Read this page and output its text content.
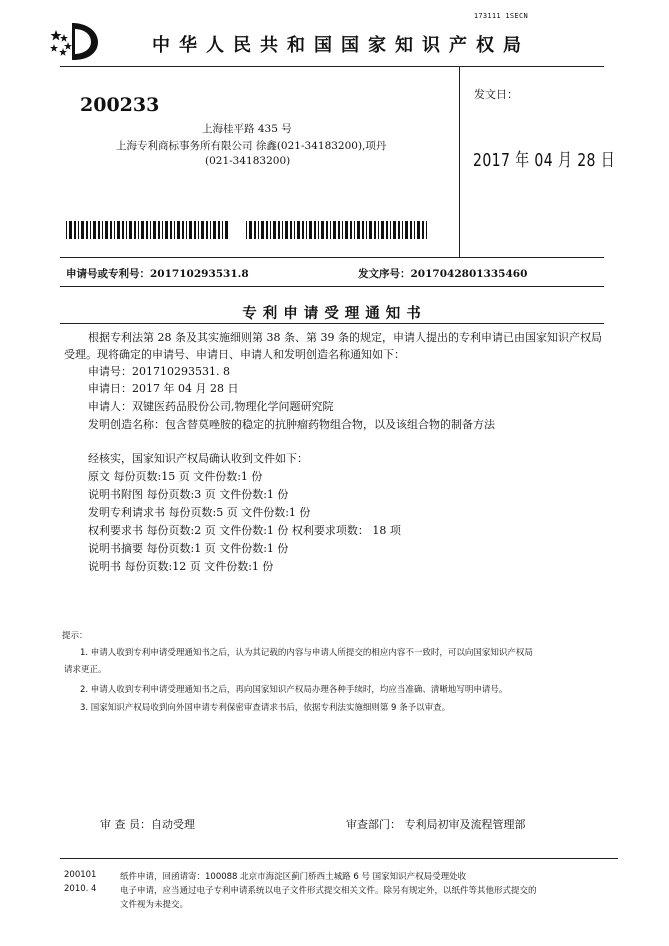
173111 1SECN
中华人民共和国国家知识产权局
200233
上海桂平路 435 号
上海专利商标事务所有限公司 徐鑫(021-34183200),项丹
(021-34183200)
发文日：
2017 年 04 月 28 日
申请号或专利号：201710293531.8	发文序号：2017042801335460
专利申请受理通知书
根据专利法第 28 条及其实施细则第 38 条、第 39 条的规定，申请人提出的专利申请已由国家知识产权局
受理。现将确定的申请号、申请日、申请人和发明创造名称通知如下：
申请号：201710293531. 8
申请日：2017 年 04 月 28 日
申请人：双键医药品股份公司,物理化学问题研究院
发明创造名称：包含替莫唑胺的稳定的抗肿瘤药物组合物，以及该组合物的制备方法
经核实，国家知识产权局确认收到文件如下：
原文 每份页数:15 页 文件份数:1 份
说明书附图 每份页数:3 页 文件份数:1 份
发明专利请求书 每份页数:5 页 文件份数:1 份
权利要求书 每份页数:2 页 文件份数:1 份 权利要求项数： 18 项
说明书摘要 每份页数:1 页 文件份数:1 份
说明书 每份页数:12 页 文件份数:1 份
提示：
1. 申请人收到专利申请受理通知书之后，认为其记载的内容与申请人所提交的相应内容不一致时，可以向国家知识产权局
请求更正。
2. 申请人收到专利申请受理通知书之后，再向国家知识产权局办理各种手续时，均应当准确、清晰地写明申请号。
3. 国家知识产权局收到向外国申请专利保密审查请求书后，依据专利法实施细则第 9 条予以审查。
审 查 员：自动受理	审查部门： 专利局初审及流程管理部
200101
2010. 4
纸件申请，回函请寄：100088 北京市海淀区蓟门桥西土城路 6 号 国家知识产权局受理处收
电子申请，应当通过电子专利申请系统以电子文件形式提交相关文件。除另有规定外，以纸件等其他形式提交的
文件视为未提交。
